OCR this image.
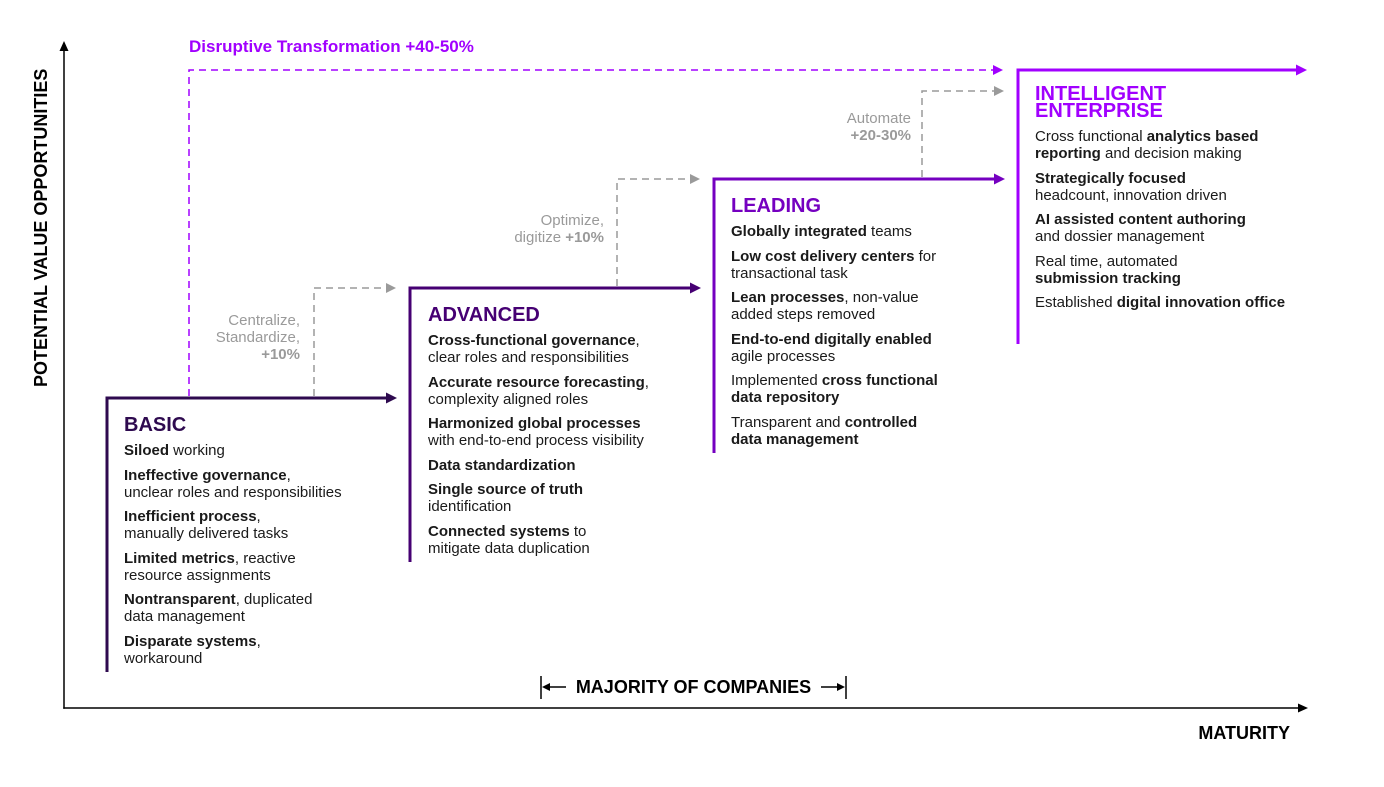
POTENTIAL VALUE OPPORTUNITIES
MATURITY
MAJORITY OF COMPANIES
Disruptive Transformation +40-50%
Centralize,
Standardize,
+10%
Optimize,
digitize +10%
Automate
+20-30%
BASIC
Siloed working
Ineffective governance,
unclear roles and responsibilities
Inefficient process,
manually delivered tasks
Limited metrics, reactive
resource assignments
Nontransparent, duplicated
data management
Disparate systems,
workaround
ADVANCED
Cross-functional governance,
clear roles and responsibilities
Accurate resource forecasting,
complexity aligned roles
Harmonized global processes
with end-to-end process visibility
Data standardization
Single source of truth
identification
Connected systems to
mitigate data duplication
LEADING
Globally integrated teams
Low cost delivery centers for
transactional task
Lean processes, non-value
added steps removed
End-to-end digitally enabled
agile processes
Implemented cross functional
data repository
Transparent and controlled
data management
INTELLIGENT
ENTERPRISE
Cross functional analytics based
reporting and decision making
Strategically focused
headcount, innovation driven
AI assisted content authoring
and dossier management
Real time, automated
submission tracking
Established digital innovation office
